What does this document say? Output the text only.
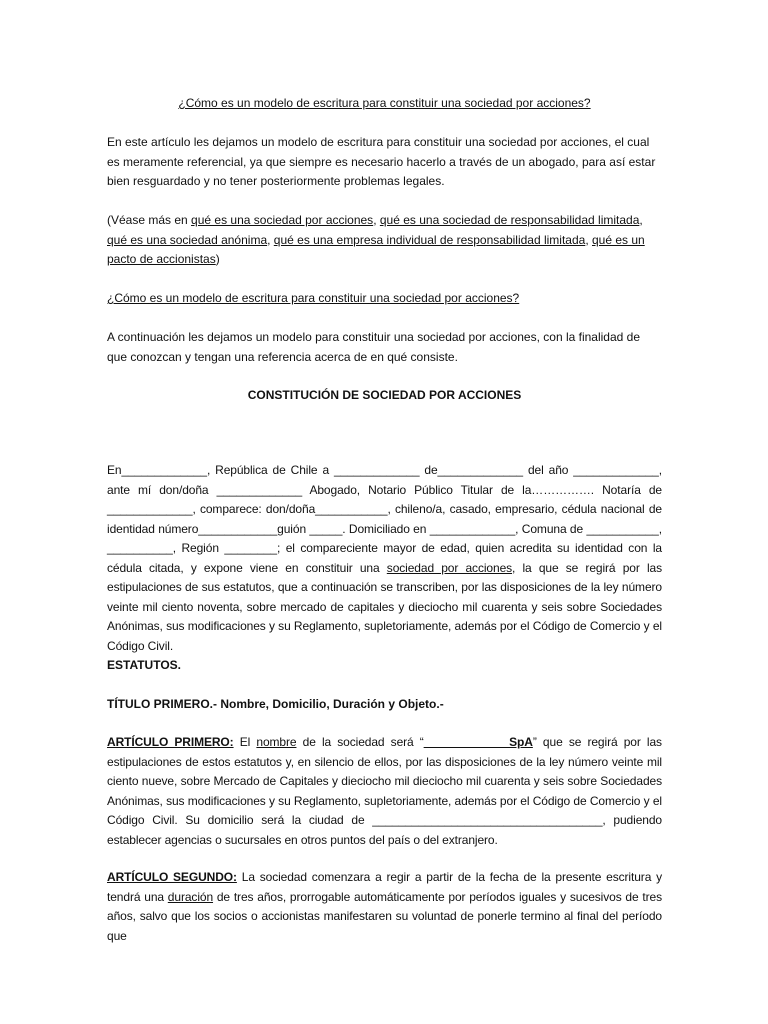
¿Cómo es un modelo de escritura para constituir una sociedad por acciones?

En este artículo les dejamos un modelo de escritura para constituir una sociedad por acciones, el cual es meramente referencial, ya que siempre es necesario hacerlo a través de un abogado, para así estar bien resguardado y no tener posteriormente problemas legales.

(Véase más en qué es una sociedad por acciones, qué es una sociedad de responsabilidad limitada, qué es una sociedad anónima, qué es una empresa individual de responsabilidad limitada, qué es un pacto de accionistas)

¿Cómo es un modelo de escritura para constituir una sociedad por acciones?

A continuación les dejamos un modelo para constituir una sociedad por acciones, con la finalidad de que conozcan y tengan una referencia acerca de en qué consiste.

CONSTITUCIÓN DE SOCIEDAD POR ACCIONES

En_____________, República de Chile a _____________ de_____________ del año _____________, ante mí don/doña _____________ Abogado, Notario Público Titular de la……………. Notaría de _____________, comparece: don/doña___________, chileno/a, casado, empresario, cédula nacional de identidad número____________guión _____. Domiciliado en _____________, Comuna de ___________, __________, Región ________; el compareciente mayor de edad, quien acredita su identidad con la cédula citada, y expone viene en constituir una sociedad por acciones, la que se regirá por las estipulaciones de sus estatutos, que a continuación se transcriben, por las disposiciones de la ley número veinte mil ciento noventa, sobre mercado de capitales y dieciocho mil cuarenta y seis sobre Sociedades Anónimas, sus modificaciones y su Reglamento, supletoriamente, además por el Código de Comercio y el Código Civil.

ESTATUTOS.

TÍTULO PRIMERO.- Nombre, Domicilio, Duración y Objeto.-

ARTÍCULO PRIMERO: El nombre de la sociedad será “_____________SpA” que se regirá por las estipulaciones de estos estatutos y, en silencio de ellos, por las disposiciones de la ley número veinte mil ciento nueve, sobre Mercado de Capitales y dieciocho mil dieciocho mil cuarenta y seis sobre Sociedades Anónimas, sus modificaciones y su Reglamento, supletoriamente, además por el Código de Comercio y el Código Civil. Su domicilio será la ciudad de ___________________________________, pudiendo establecer agencias o sucursales en otros puntos del país o del extranjero.

ARTÍCULO SEGUNDO: La sociedad comenzara a regir a partir de la fecha de la presente escritura y tendrá una duración de tres años, prorrogable automáticamente por períodos iguales y sucesivos de tres años, salvo que los socios o accionistas manifestaren su voluntad de ponerle termino al final del período que
